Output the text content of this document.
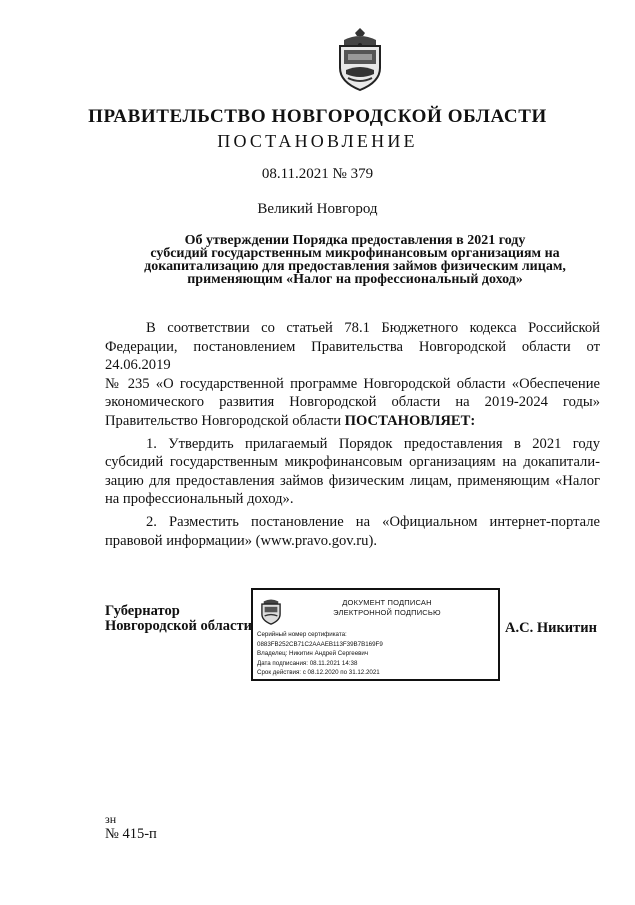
ПРАВИТЕЛЬСТВО НОВГОРОДСКОЙ ОБЛАСТИ
ПОСТАНОВЛЕНИЕ
08.11.2021 № 379
Великий Новгород
Об утверждении Порядка предоставления в 2021 году
субсидий государственным микрофинансовым организациям на
докапитализацию для предоставления займов физическим лицам,
применяющим «Налог на профессиональный доход»
В соответствии со статьей 78.1 Бюджетного кодекса Российской
Федерации, постановлением Правительства Новгородской области от 24.06.2019
№ 235 «О государственной программе Новгородской области «Обеспечение
экономического развития Новгородской области на 2019-2024 годы»
Правительство Новгородской области ПОСТАНОВЛЯЕТ:
1. Утвердить прилагаемый Порядок предоставления в 2021 году
субсидий государственным микрофинансовым организациям на докапитали-
зацию для предоставления займов физическим лицам, применяющим «Налог
на профессиональный доход».
2. Разместить постановление на «Официальном интернет-портале
правовой информации» (www.pravo.gov.ru).
Губернатор
Новгородской области
ДОКУМЕНТ ПОДПИСАН
ЭЛЕКТРОННОЙ ПОДПИСЬЮ
Серийный номер сертификата:
0883FB252CB71C2AAAEB113F39B7B169F9
Владелец: Никитин Андрей Сергеевич
Дата подписания: 08.11.2021 14:38
Срок действия: с 08.12.2020 по 31.12.2021
А.С. Никитин
зн
№ 415-п
